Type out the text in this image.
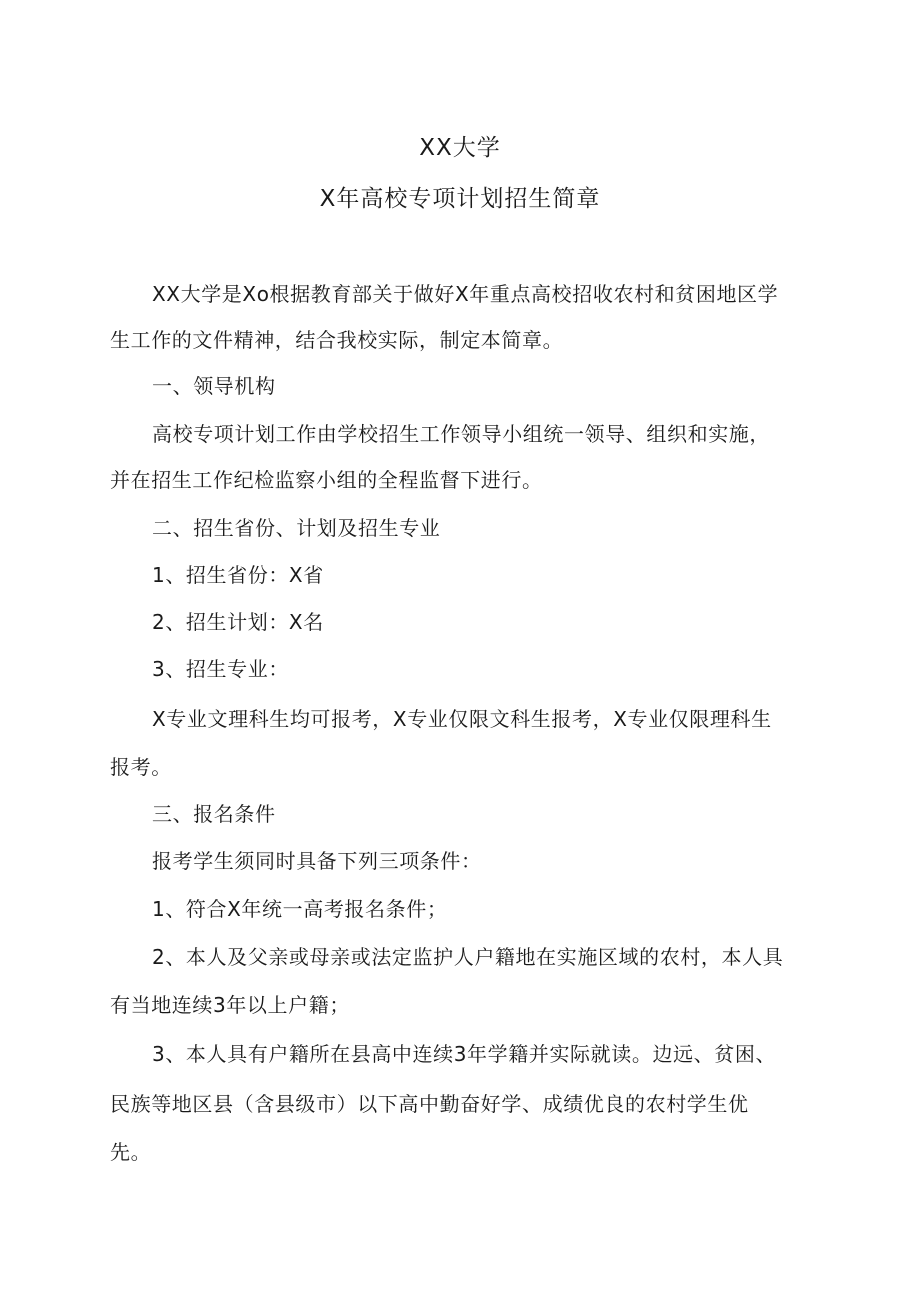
XX大学
X年高校专项计划招生简章
XX大学是Xo根据教育部关于做好X年重点高校招收农村和贫困地区学
生工作的文件精神，结合我校实际，制定本简章。
一、领导机构
高校专项计划工作由学校招生工作领导小组统一领导、组织和实施，
并在招生工作纪检监察小组的全程监督下进行。
二、招生省份、计划及招生专业
1、招生省份：X省
2、招生计划：X名
3、招生专业：
X专业文理科生均可报考，X专业仅限文科生报考，X专业仅限理科生
报考。
三、报名条件
报考学生须同时具备下列三项条件：
1、符合X年统一高考报名条件；
2、本人及父亲或母亲或法定监护人户籍地在实施区域的农村，本人具
有当地连续3年以上户籍；
3、本人具有户籍所在县高中连续3年学籍并实际就读。边远、贫困、
民族等地区县（含县级市）以下高中勤奋好学、成绩优良的农村学生优
先。
